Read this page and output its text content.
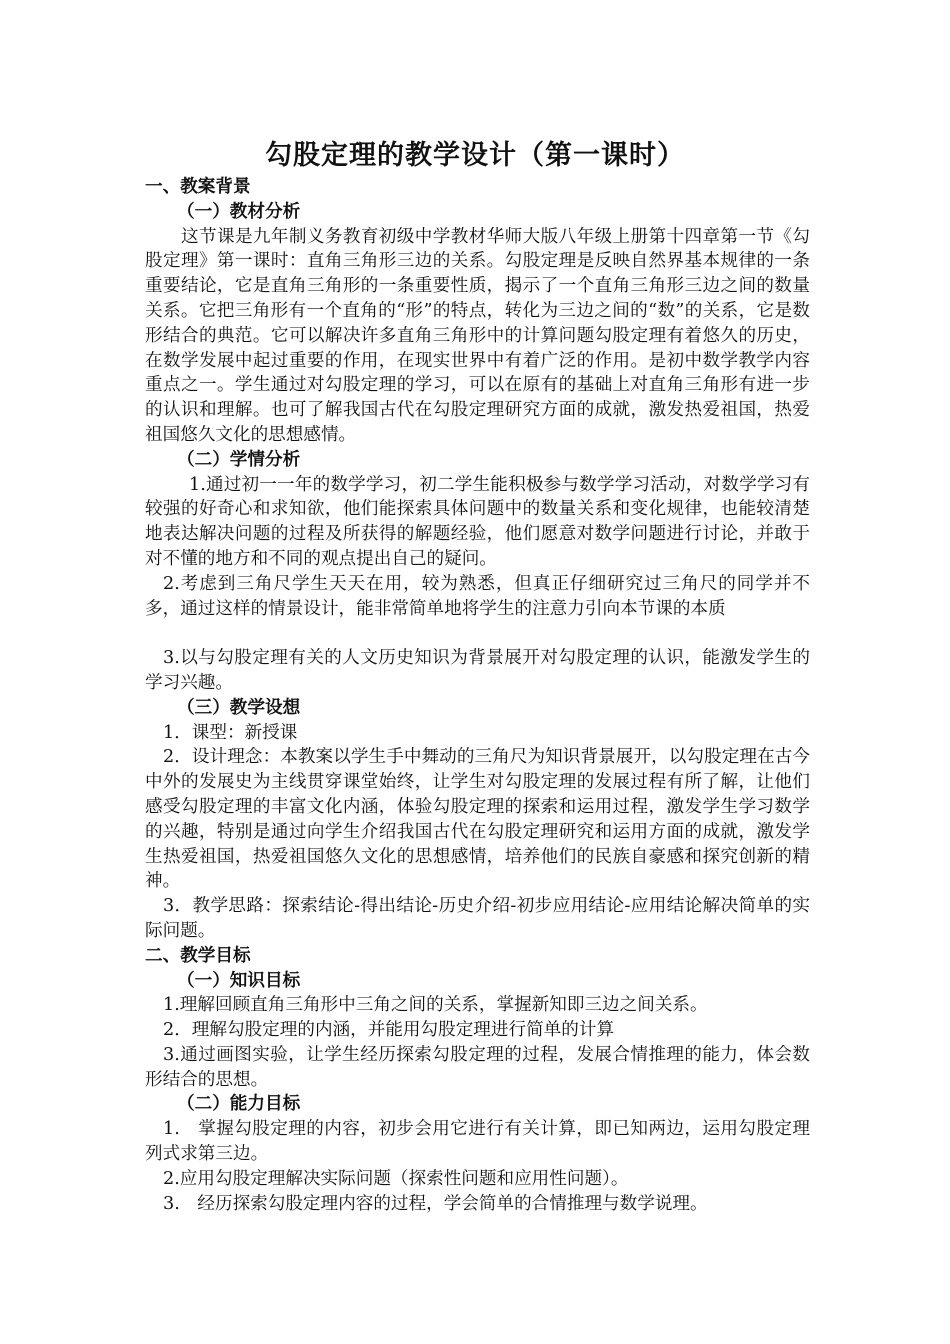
勾股定理的教学设计（第一课时）

一、教案背景

（一）教材分析

这节课是九年制义务教育初级中学教材华师大版八年级上册第十四章第一节《勾股定理》第一课时：直角三角形三边的关系。勾股定理是反映自然界基本规律的一条重要结论，它是直角三角形的一条重要性质，揭示了一个直角三角形三边之间的数量关系。它把三角形有一个直角的“形”的特点，转化为三边之间的“数”的关系，它是数形结合的典范。它可以解决许多直角三角形中的计算问题勾股定理有着悠久的历史，在数学发展中起过重要的作用，在现实世界中有着广泛的作用。是初中数学教学内容重点之一。学生通过对勾股定理的学习，可以在原有的基础上对直角三角形有进一步的认识和理解。也可了解我国古代在勾股定理研究方面的成就，激发热爱祖国，热爱祖国悠久文化的思想感情。

（二）学情分析

1.通过初一一年的数学学习，初二学生能积极参与数学学习活动，对数学学习有较强的好奇心和求知欲，他们能探索具体问题中的数量关系和变化规律，也能较清楚地表达解决问题的过程及所获得的解题经验，他们愿意对数学问题进行讨论，并敢于对不懂的地方和不同的观点提出自己的疑问。

2.考虑到三角尺学生天天在用，较为熟悉，但真正仔细研究过三角尺的同学并不多，通过这样的情景设计，能非常简单地将学生的注意力引向本节课的本质

3.以与勾股定理有关的人文历史知识为背景展开对勾股定理的认识，能激发学生的学习兴趣。

（三）教学设想

1．课型：新授课

2．设计理念：本教案以学生手中舞动的三角尺为知识背景展开，以勾股定理在古今中外的发展史为主线贯穿课堂始终，让学生对勾股定理的发展过程有所了解，让他们感受勾股定理的丰富文化内涵，体验勾股定理的探索和运用过程，激发学生学习数学的兴趣，特别是通过向学生介绍我国古代在勾股定理研究和运用方面的成就，激发学生热爱祖国，热爱祖国悠久文化的思想感情，培养他们的民族自豪感和探究创新的精神。

3．教学思路：探索结论-得出结论-历史介绍-初步应用结论-应用结论解决简单的实际问题。

二、教学目标

（一）知识目标

1.理解回顾直角三角形中三角之间的关系，掌握新知即三边之间关系。

2．理解勾股定理的内涵，并能用勾股定理进行简单的计算

3.通过画图实验，让学生经历探索勾股定理的过程，发展合情推理的能力，体会数形结合的思想。

（二）能力目标

1.　掌握勾股定理的内容，初步会用它进行有关计算，即已知两边，运用勾股定理列式求第三边。

2.应用勾股定理解决实际问题（探索性问题和应用性问题）。

3.　经历探索勾股定理内容的过程，学会简单的合情推理与数学说理。
